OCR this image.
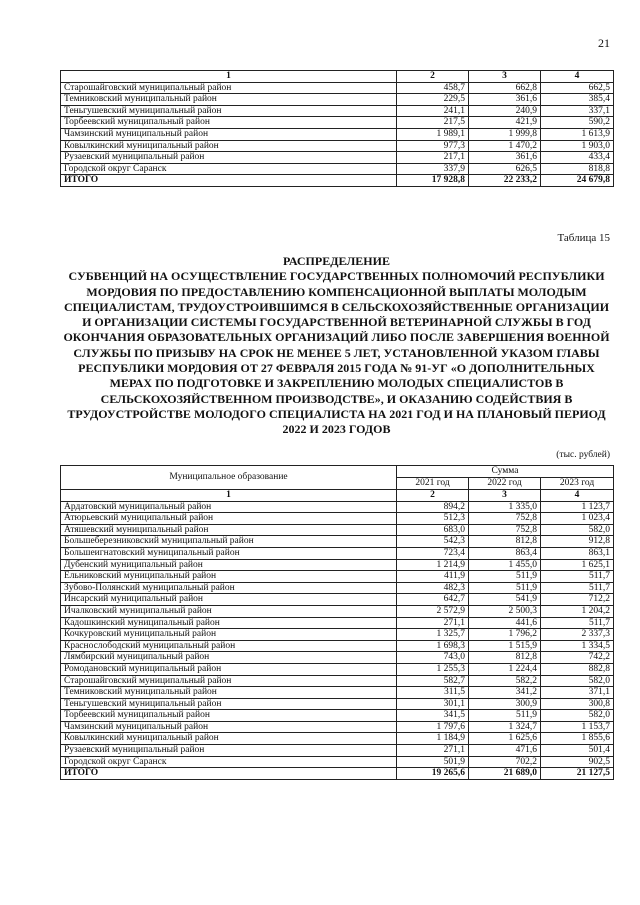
21
1	2	3	4
Старошайговский муниципальный район	458,7	662,8	662,5
Темниковский муниципальный район	229,5	361,6	385,4
Теньгушевский муниципальный район	241,1	240,9	337,1
Торбеевский муниципальный район	217,5	421,9	590,2
Чамзинский муниципальный район	1 989,1	1 999,8	1 613,9
Ковылкинский муниципальный район	977,3	1 470,2	1 903,0
Рузаевский муниципальный район	217,1	361,6	433,4
Городской округ Саранск	337,9	626,5	818,8
ИТОГО	17 928,8	22 233,2	24 679,8
Таблица 15
РАСПРЕДЕЛЕНИЕ
СУБВЕНЦИЙ НА ОСУЩЕСТВЛЕНИЕ ГОСУДАРСТВЕННЫХ ПОЛНОМОЧИЙ РЕСПУБЛИКИ МОРДОВИЯ ПО ПРЕДОСТАВЛЕНИЮ КОМПЕНСАЦИОННОЙ ВЫПЛАТЫ МОЛОДЫМ СПЕЦИАЛИСТАМ, ТРУДОУСТРОИВШИМСЯ В СЕЛЬСКОХОЗЯЙСТВЕННЫЕ ОРГАНИЗАЦИИ И ОРГАНИЗАЦИИ СИСТЕМЫ ГОСУДАРСТВЕННОЙ ВЕТЕРИНАРНОЙ СЛУЖБЫ В ГОД ОКОНЧАНИЯ ОБРАЗОВАТЕЛЬНЫХ ОРГАНИЗАЦИЙ ЛИБО ПОСЛЕ ЗАВЕРШЕНИЯ ВОЕННОЙ СЛУЖБЫ ПО ПРИЗЫВУ НА СРОК НЕ МЕНЕЕ 5 ЛЕТ, УСТАНОВЛЕННОЙ УКАЗОМ ГЛАВЫ РЕСПУБЛИКИ МОРДОВИЯ ОТ 27 ФЕВРАЛЯ 2015 ГОДА № 91-УГ «О ДОПОЛНИТЕЛЬНЫХ МЕРАХ ПО ПОДГОТОВКЕ И ЗАКРЕПЛЕНИЮ МОЛОДЫХ СПЕЦИАЛИСТОВ В СЕЛЬСКОХОЗЯЙСТВЕННОМ ПРОИЗВОДСТВЕ», И ОКАЗАНИЮ СОДЕЙСТВИЯ В ТРУДОУСТРОЙСТВЕ МОЛОДОГО СПЕЦИАЛИСТА НА 2021 ГОД И НА ПЛАНОВЫЙ ПЕРИОД 2022 И 2023 ГОДОВ
(тыс. рублей)
Муниципальное образование	Сумма		
	2021 год	2022 год	2023 год
1	2	3	4
Ардатовский муниципальный район	894,2	1 335,0	1 123,7
Атюрьевский муниципальный район	512,3	752,8	1 023,4
Атяшевский муниципальный район	683,0	752,8	582,0
Большеберезниковский муниципальный район	542,3	812,8	912,8
Большеигнатовский муниципальный район	723,4	863,4	863,1
Дубенский муниципальный район	1 214,9	1 455,0	1 625,1
Ельниковский муниципальный район	411,9	511,9	511,7
Зубово-Полянский муниципальный район	482,3	511,9	511,7
Инсарский муниципальный район	642,7	541,9	712,2
Ичалковский муниципальный район	2 572,9	2 500,3	1 204,2
Кадошкинский муниципальный район	271,1	441,6	511,7
Кочкуровский муниципальный район	1 325,7	1 796,2	2 337,3
Краснослободский муниципальный район	1 698,3	1 515,9	1 334,5
Лямбирский муниципальный район	743,0	812,8	742,2
Ромодановский муниципальный район	1 255,3	1 224,4	882,8
Старошайговский муниципальный район	582,7	582,2	582,0
Темниковский муниципальный район	311,5	341,2	371,1
Теньгушевский муниципальный район	301,1	300,9	300,8
Торбеевский муниципальный район	341,5	511,9	582,0
Чамзинский муниципальный район	1 797,6	1 324,7	1 153,7
Ковылкинский муниципальный район	1 184,9	1 625,6	1 855,6
Рузаевский муниципальный район	271,1	471,6	501,4
Городской округ Саранск	501,9	702,2	902,5
ИТОГО	19 265,6	21 689,0	21 127,5
